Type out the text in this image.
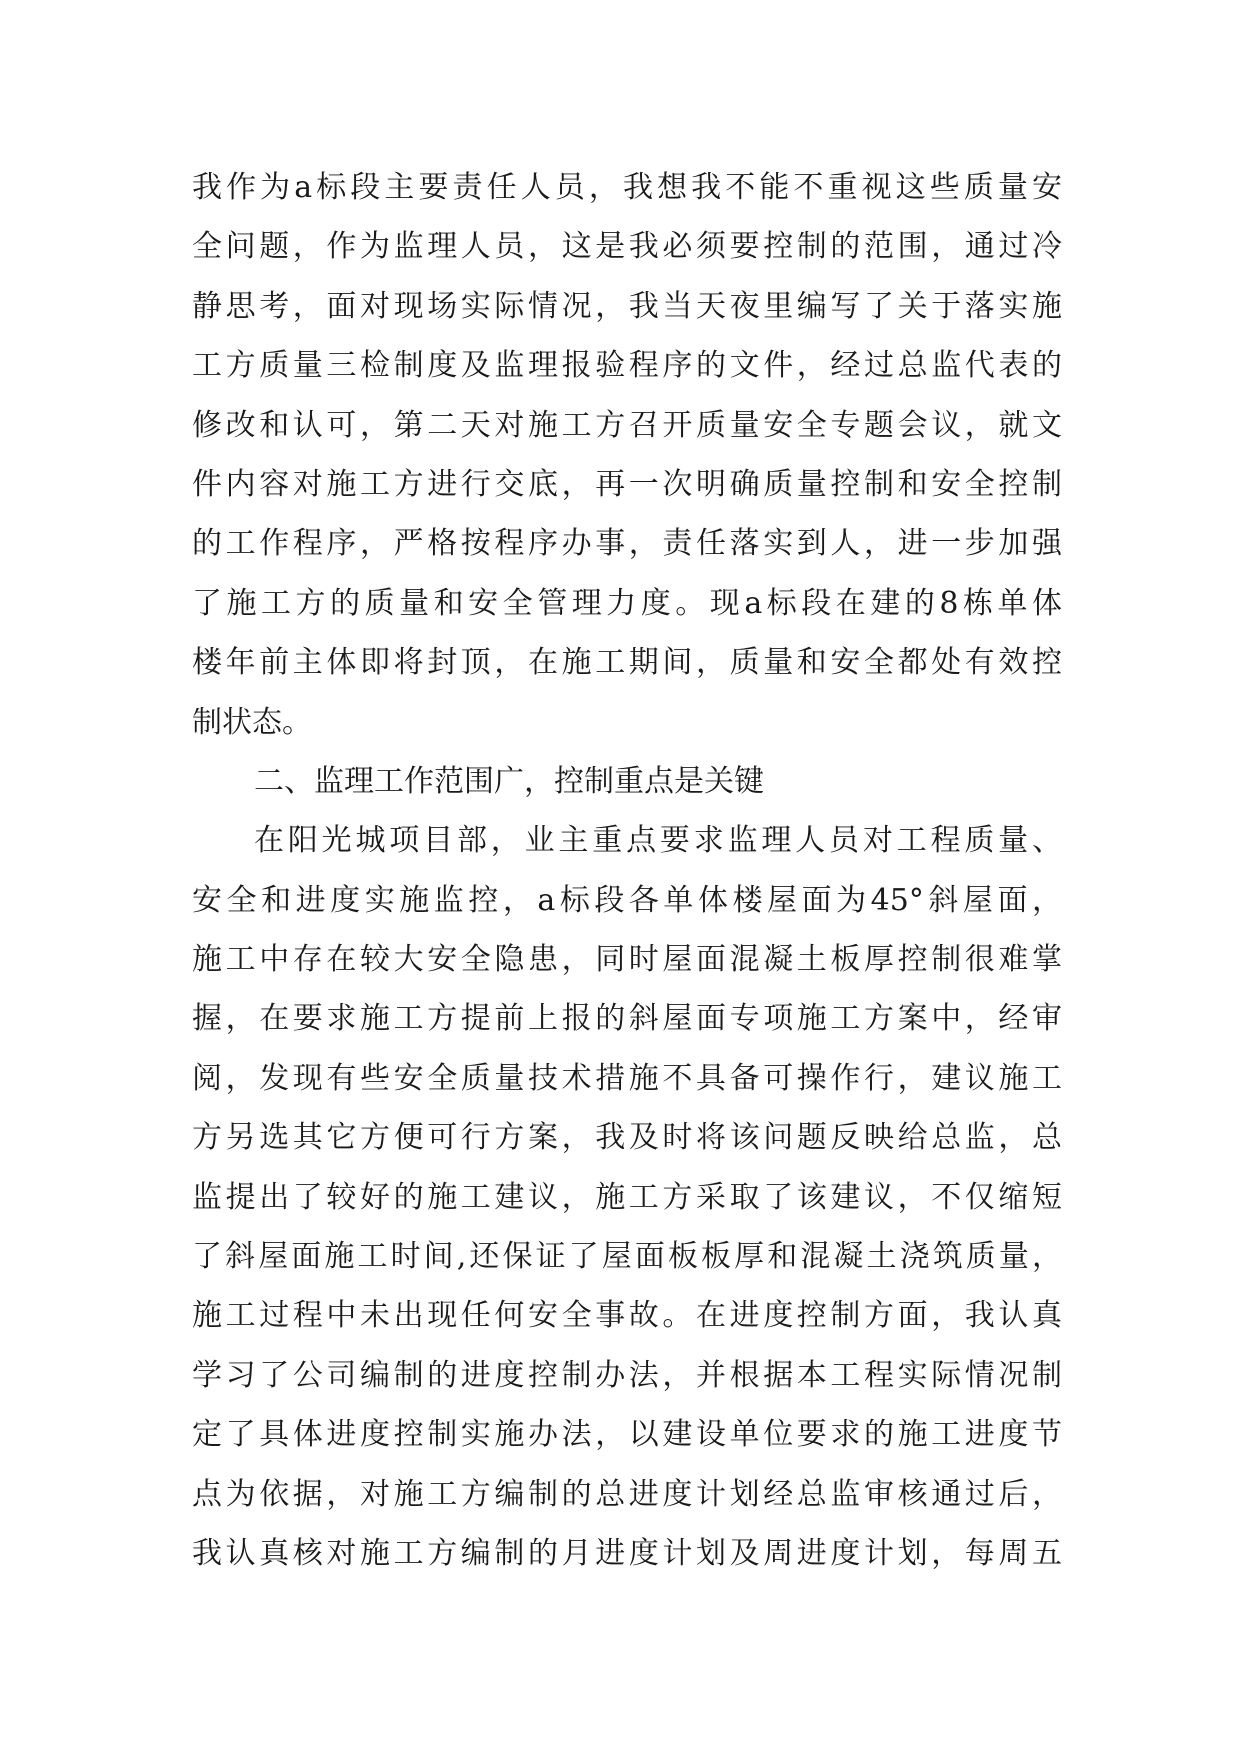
我作为a标段主要责任人员，我想我不能不重视这些质量安
全问题，作为监理人员，这是我必须要控制的范围，通过冷
静思考，面对现场实际情况，我当天夜里编写了关于落实施
工方质量三检制度及监理报验程序的文件，经过总监代表的
修改和认可，第二天对施工方召开质量安全专题会议，就文
件内容对施工方进行交底，再一次明确质量控制和安全控制
的工作程序，严格按程序办事，责任落实到人，进一步加强
了施工方的质量和安全管理力度。现a标段在建的8栋单体
楼年前主体即将封顶，在施工期间，质量和安全都处有效控
制状态。
二、监理工作范围广，控制重点是关键
在阳光城项目部，业主重点要求监理人员对工程质量、
安全和进度实施监控，a标段各单体楼屋面为45°斜屋面，
施工中存在较大安全隐患，同时屋面混凝土板厚控制很难掌
握，在要求施工方提前上报的斜屋面专项施工方案中，经审
阅，发现有些安全质量技术措施不具备可操作行，建议施工
方另选其它方便可行方案，我及时将该问题反映给总监，总
监提出了较好的施工建议，施工方采取了该建议，不仅缩短
了斜屋面施工时间,还保证了屋面板板厚和混凝土浇筑质量，
施工过程中未出现任何安全事故。在进度控制方面，我认真
学习了公司编制的进度控制办法，并根据本工程实际情况制
定了具体进度控制实施办法，以建设单位要求的施工进度节
点为依据，对施工方编制的总进度计划经总监审核通过后，
我认真核对施工方编制的月进度计划及周进度计划，每周五
